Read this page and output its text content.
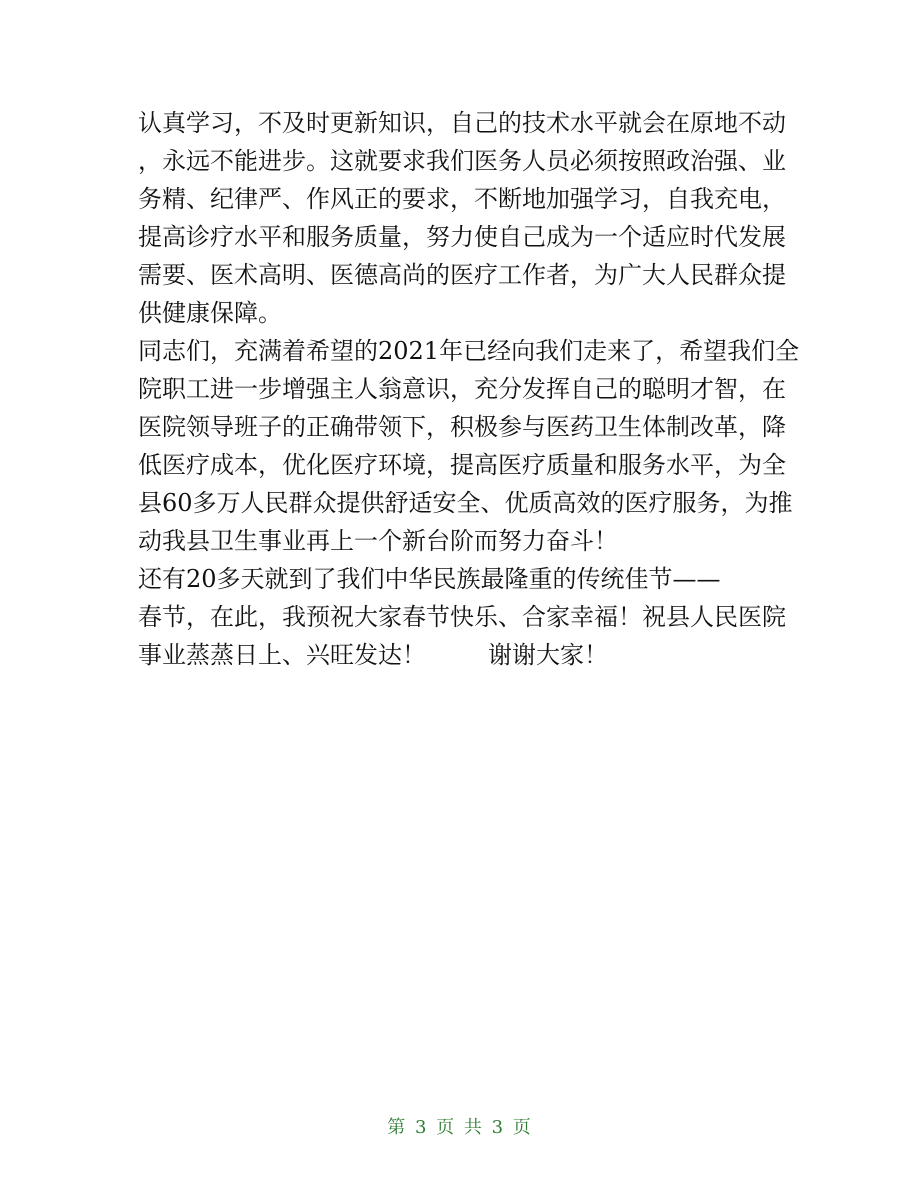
认真学习，不及时更新知识，自己的技术水平就会在原地不动

，永远不能进步。这就要求我们医务人员必须按照政治强、业

务精、纪律严、作风正的要求，不断地加强学习，自我充电，

提高诊疗水平和服务质量，努力使自己成为一个适应时代发展

需要、医术高明、医德高尚的医疗工作者，为广大人民群众提

供健康保障。

同志们，充满着希望的2021年已经向我们走来了，希望我们全

院职工进一步增强主人翁意识，充分发挥自己的聪明才智，在

医院领导班子的正确带领下，积极参与医药卫生体制改革，降

低医疗成本，优化医疗环境，提高医疗质量和服务水平，为全

县60多万人民群众提供舒适安全、优质高效的医疗服务，为推

动我县卫生事业再上一个新台阶而努力奋斗！

还有20多天就到了我们中华民族最隆重的传统佳节——

春节，在此，我预祝大家春节快乐、合家幸福！祝县人民医院

事业蒸蒸日上、兴旺发达！	谢谢大家！

第 3 页 共 3 页
